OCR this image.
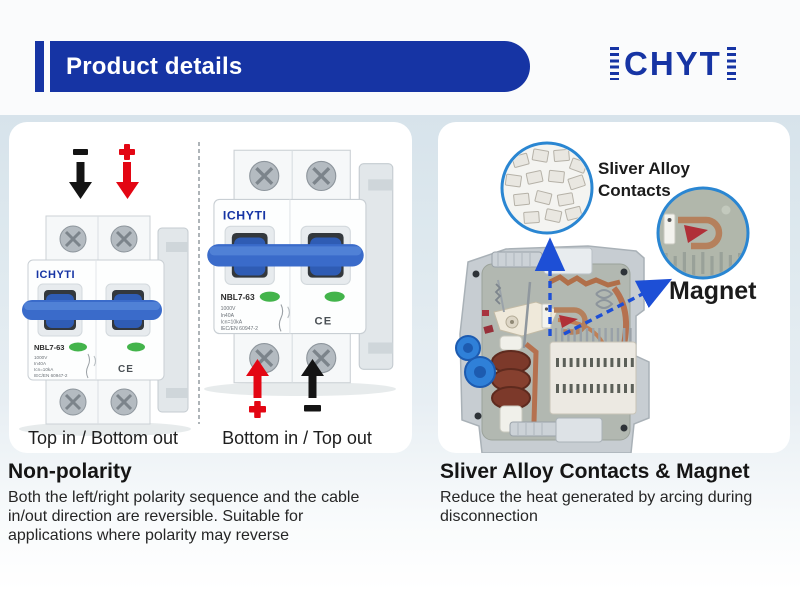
Product details	CHYT
Top in / Bottom out Bottom in / Top out
Sliver Alloy
Contacts
Magnet
Non-polarity
Both the left/right polarity sequence and the cable
in/out direction are reversible. Suitable for
applications where polarity may reverse
Sliver Alloy Contacts & Magnet
Reduce the heat generated by arcing during
disconnection
